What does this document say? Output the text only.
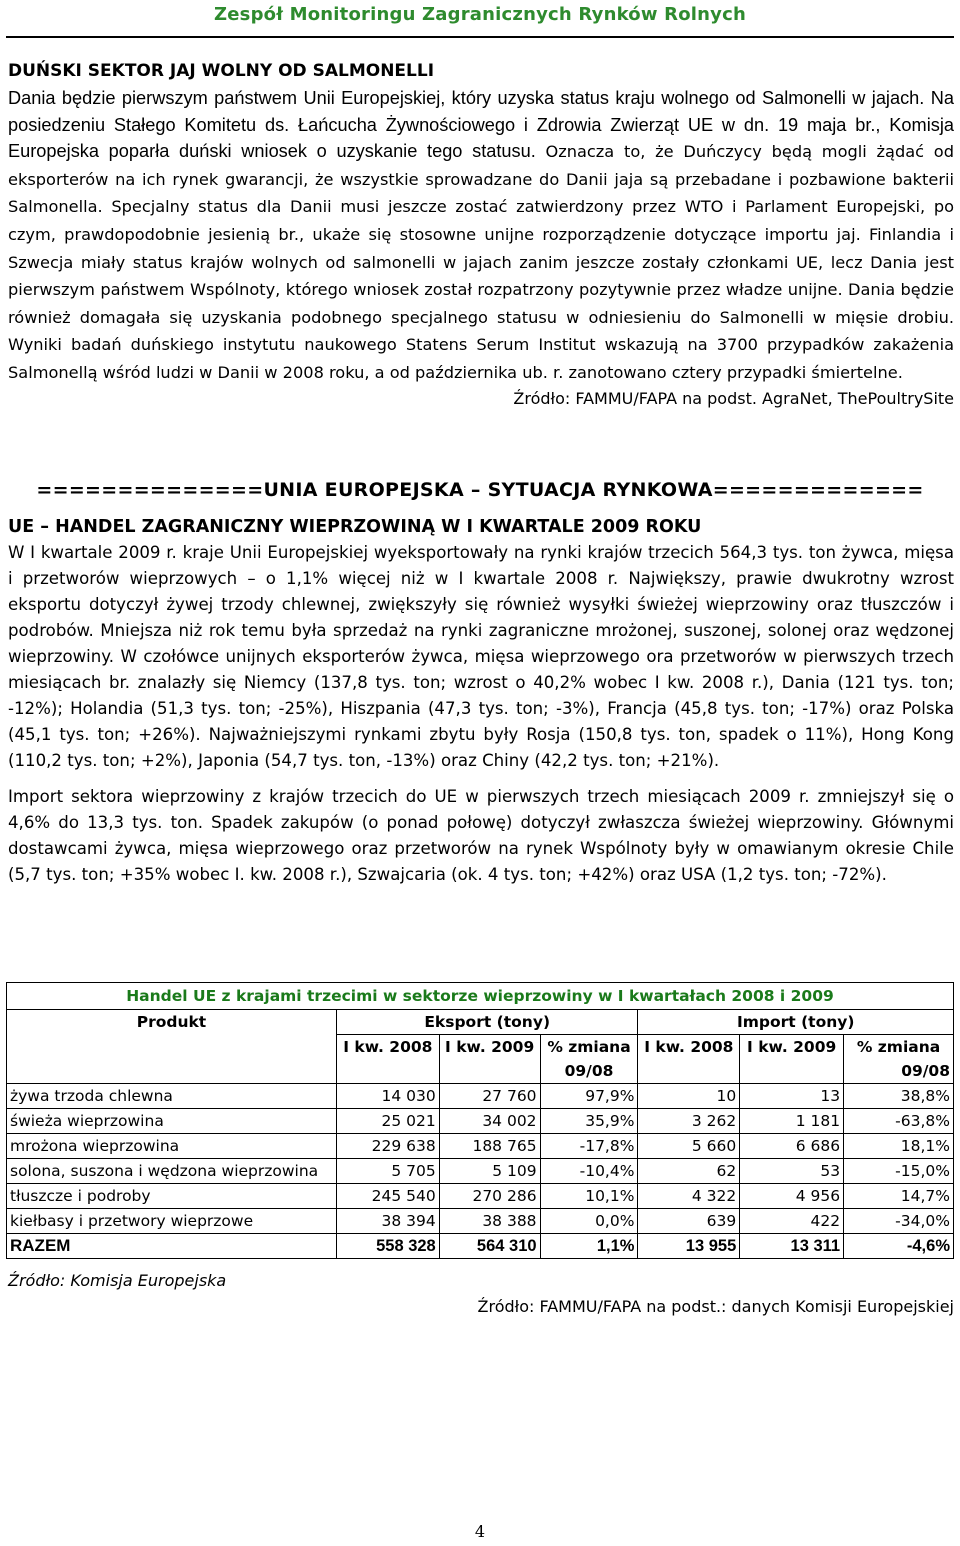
Zespół Monitoringu Zagranicznych Rynków Rolnych
DUŃSKI SEKTOR JAJ WOLNY OD SALMONELLI

Dania będzie pierwszym państwem Unii Europejskiej, który uzyska status kraju wolnego od Salmonelli w jajach. Na posiedzeniu Stałego Komitetu ds. Łańcucha Żywnościowego i Zdrowia Zwierząt UE w dn. 19 maja br., Komisja Europejska poparła duński wniosek o uzyskanie tego statusu. Oznacza to, że Duńczycy będą mogli żądać od eksporterów na ich rynek gwarancji, że wszystkie sprowadzane do Danii jaja są przebadane i pozbawione bakterii Salmonella. Specjalny status dla Danii musi jeszcze zostać zatwierdzony przez WTO i Parlament Europejski, po czym, prawdopodobnie jesienią br., ukaże się stosowne unijne rozporządzenie dotyczące importu jaj. Finlandia i Szwecja miały status krajów wolnych od salmonelli w jajach zanim jeszcze zostały członkami UE, lecz Dania jest pierwszym państwem Wspólnoty, którego wniosek został rozpatrzony pozytywnie przez władze unijne. Dania będzie również domagała się uzyskania podobnego specjalnego statusu w odniesieniu do Salmonelli w mięsie drobiu. Wyniki badań duńskiego instytutu naukowego Statens Serum Institut wskazują na 3700 przypadków zakażenia Salmonellą wśród ludzi w Danii w 2008 roku, a od października ub. r. zanotowano cztery przypadki śmiertelne.

Źródło: FAMMU/FAPA na podst. AgraNet, ThePoultrySite
==============UNIA EUROPEJSKA – SYTUACJA RYNKOWA=============
UE – HANDEL ZAGRANICZNY WIEPRZOWINĄ W I KWARTALE 2009 ROKU

W I kwartale 2009 r. kraje Unii Europejskiej wyeksportowały na rynki krajów trzecich 564,3 tys. ton żywca, mięsa i przetworów wieprzowych – o 1,1% więcej niż w I kwartale 2008 r. Największy, prawie dwukrotny wzrost eksportu dotyczył żywej trzody chlewnej, zwiększyły się również wysyłki świeżej wieprzowiny oraz tłuszczów i podrobów. Mniejsza niż rok temu była sprzedaż na rynki zagraniczne mrożonej, suszonej, solonej oraz wędzonej wieprzowiny. W czołówce unijnych eksporterów żywca, mięsa wieprzowego ora przetworów w pierwszych trzech miesiącach br. znalazły się Niemcy (137,8 tys. ton; wzrost o 40,2% wobec I kw. 2008 r.), Dania (121 tys. ton; -12%); Holandia (51,3 tys. ton; -25%), Hiszpania (47,3 tys. ton; -3%), Francja (45,8 tys. ton; -17%) oraz Polska (45,1 tys. ton; +26%). Najważniejszymi rynkami zbytu były Rosja (150,8 tys. ton, spadek o 11%), Hong Kong (110,2 tys. ton; +2%), Japonia (54,7 tys. ton, -13%) oraz Chiny (42,2 tys. ton; +21%).

Import sektora wieprzowiny z krajów trzecich do UE w pierwszych trzech miesiącach 2009 r. zmniejszył się o 4,6% do 13,3 tys. ton. Spadek zakupów (o ponad połowę) dotyczył zwłaszcza świeżej wieprzowiny. Głównymi dostawcami żywca, mięsa wieprzowego oraz przetworów na rynek Wspólnoty były w omawianym okresie Chile (5,7 tys. ton; +35% wobec I. kw. 2008 r.), Szwajcaria (ok. 4 tys. ton; +42%) oraz USA (1,2 tys. ton; -72%).

Handel UE z krajami trzecimi w sektorze wieprzowiny w I kwartałach 2008 i 2009						
Produkt	Eksport (tony)			Import (tony)		
	I kw. 2008	I kw. 2009	% zmiana	I kw. 2008	I kw. 2009	% zmiana
			09/08			09/08
żywa trzoda chlewna	14 030	27 760	97,9%	10	13	38,8%
świeża wieprzowina	25 021	34 002	35,9%	3 262	1 181	-63,8%
mrożona wieprzowina	229 638	188 765	-17,8%	5 660	6 686	18,1%
solona, suszona i wędzona wieprzowina	5 705	5 109	-10,4%	62	53	-15,0%
tłuszcze i podroby	245 540	270 286	10,1%	4 322	4 956	14,7%
kiełbasy i przetwory wieprzowe	38 394	38 388	0,0%	639	422	-34,0%
RAZEM	558 328	564 310	1,1%	13 955	13 311	-4,6%
Źródło: Komisja Europejska
Źródło: FAMMU/FAPA na podst.: danych Komisji Europejskiej
4
